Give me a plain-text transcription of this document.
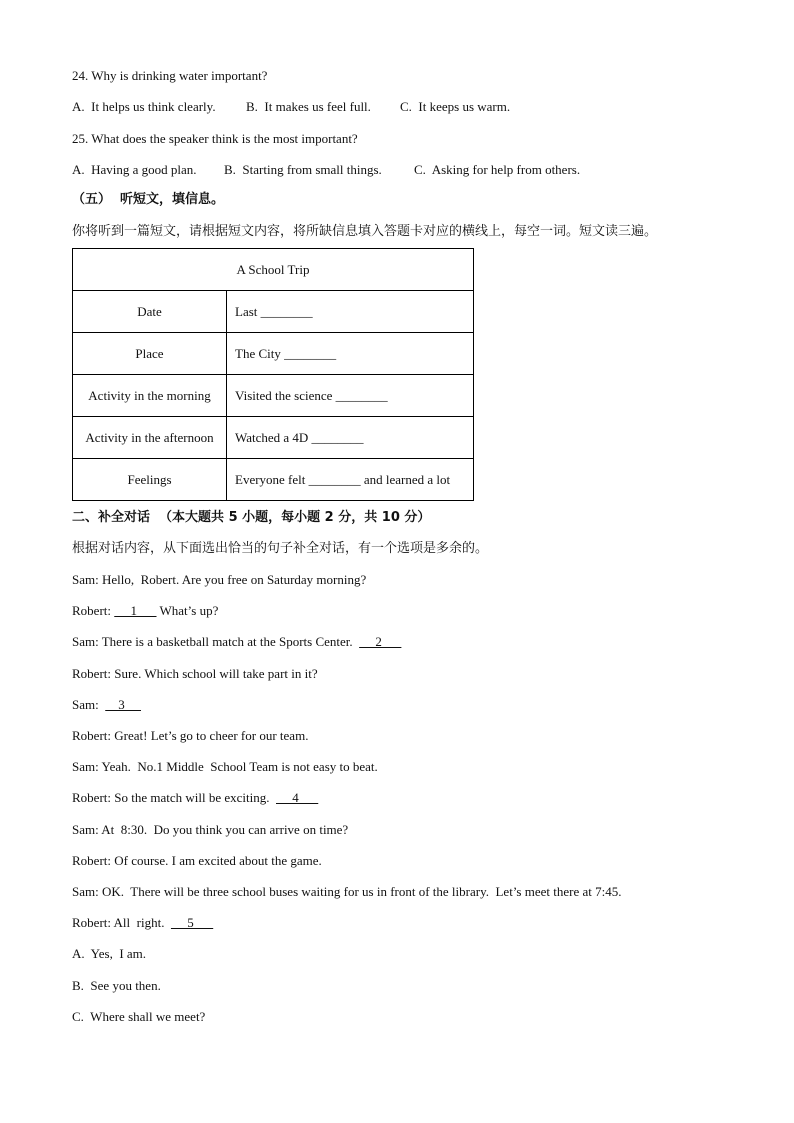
24. Why is drinking water important?
A.  It helps us think clearly. B.  It makes us feel full. C.  It keeps us warm.
25. What does the speaker think is the most important?
A.  Having a good plan. B.  Starting from small things. C.  Asking for help from others.
（五）  听短文，填信息。
你将听到一篇短文，请根据短文内容，将所缺信息填入答题卡对应的横线上，每空一词。短文读三遍。
A School Trip	
Date	Last ________
Place	The City ________
Activity in the morning	Visited the science ________
Activity in the afternoon	Watched a 4D ________
Feelings	Everyone felt ________ and learned a lot
二、补全对话  （本大题共 5 小题，每小题 2 分，共 10 分）
根据对话内容，从下面选出恰当的句子补全对话，有一个选项是多余的。
Sam: Hello,  Robert. Are you free on Saturday morning?
Robert:      1       What’s up?
Sam: There is a basketball match at the Sports Center.       2
Robert: Sure. Which school will take part in it?
Sam:      3
Robert: Great! Let’s go to cheer for our team.
Sam: Yeah.  No.1 Middle  School Team is not easy to beat.
Robert: So the match will be exciting.       4
Sam: At  8:30.  Do you think you can arrive on time?
Robert: Of course. I am excited about the game.
Sam: OK.  There will be three school buses waiting for us in front of the library.  Let’s meet there at 7:45.
Robert: All  right.       5
A.  Yes,  I am.
B.  See you then.
C.  Where shall we meet?
